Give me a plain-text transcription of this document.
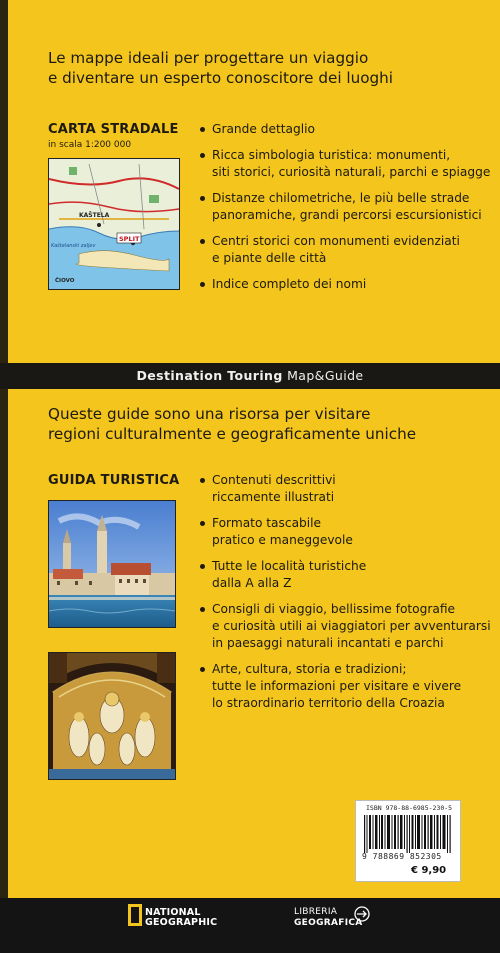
Le mappe ideali per progettare un viaggio
e diventare un esperto conoscitore dei luoghi
CARTA STRADALE
in scala 1:200 000
KAŠTELA
SPLIT
Kaštelanski zaljev
ČIOVO
Grande dettaglio
Ricca simbologia turistica: monumenti,
siti storici, curiosità naturali, parchi e spiagge
Distanze chilometriche, le più belle strade
panoramiche, grandi percorsi escursionistici
Centri storici con monumenti evidenziati
e piante delle città
Indice completo dei nomi
Destination Touring Map&Guide
Queste guide sono una risorsa per visitare
regioni culturalmente e geograficamente uniche
GUIDA TURISTICA	Contenuti descrittivi
riccamente illustrati
Formato tascabile
pratico e maneggevole
Tutte le località turistiche
dalla A alla Z
Consigli di viaggio, bellissime fotografie
e curiosità utili ai viaggiatori per avventurarsi
in paesaggi naturali incantati e parchi
Arte, cultura, storia e tradizioni;
tutte le informazioni per visitare e vivere
lo straordinario territorio della Croazia
ISBN 978-88-6985-230-5
9 788869 852305
€ 9,90
NATIONAL
GEOGRAPHIC
LIBRERIA
GEOGRAFICA
